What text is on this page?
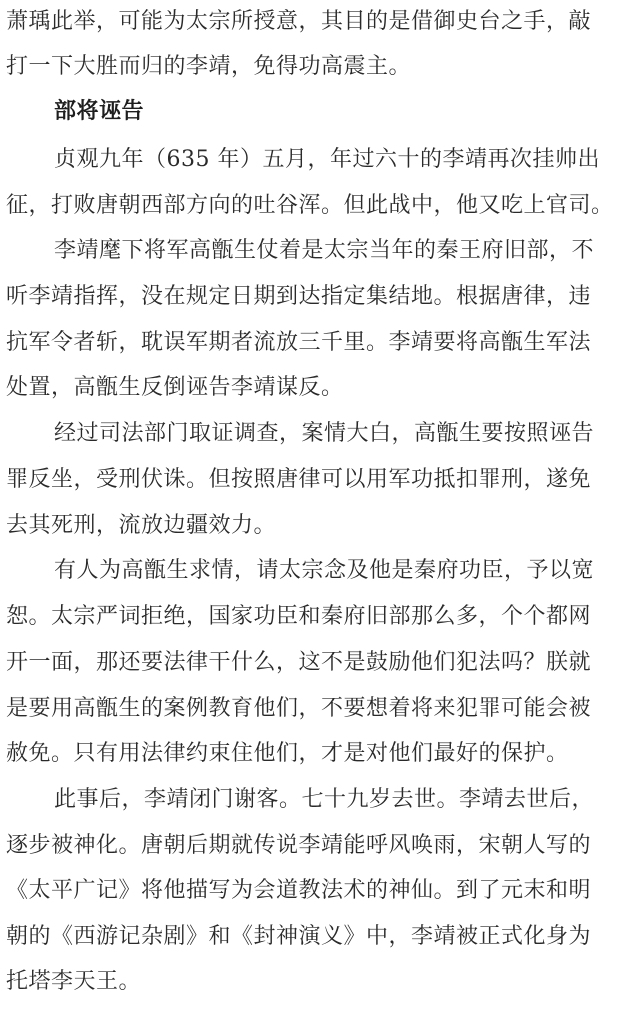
萧瑀此举，可能为太宗所授意，其目的是借御史台之手，敲
打一下大胜而归的李靖，免得功高震主。
部将诬告
贞观九年（635 年）五月，年过六十的李靖再次挂帅出
征，打败唐朝西部方向的吐谷浑。但此战中，他又吃上官司。
李靖麾下将军高甑生仗着是太宗当年的秦王府旧部，不
听李靖指挥，没在规定日期到达指定集结地。根据唐律，违
抗军令者斩，耽误军期者流放三千里。李靖要将高甑生军法
处置，高甑生反倒诬告李靖谋反。
经过司法部门取证调查，案情大白，高甑生要按照诬告
罪反坐，受刑伏诛。但按照唐律可以用军功抵扣罪刑，遂免
去其死刑，流放边疆效力。
有人为高甑生求情，请太宗念及他是秦府功臣，予以宽
恕。太宗严词拒绝，国家功臣和秦府旧部那么多，个个都网
开一面，那还要法律干什么，这不是鼓励他们犯法吗？朕就
是要用高甑生的案例教育他们，不要想着将来犯罪可能会被
赦免。只有用法律约束住他们，才是对他们最好的保护。
此事后，李靖闭门谢客。七十九岁去世。李靖去世后，
逐步被神化。唐朝后期就传说李靖能呼风唤雨，宋朝人写的
《太平广记》将他描写为会道教法术的神仙。到了元末和明
朝的《西游记杂剧》和《封神演义》中，李靖被正式化身为
托塔李天王。
